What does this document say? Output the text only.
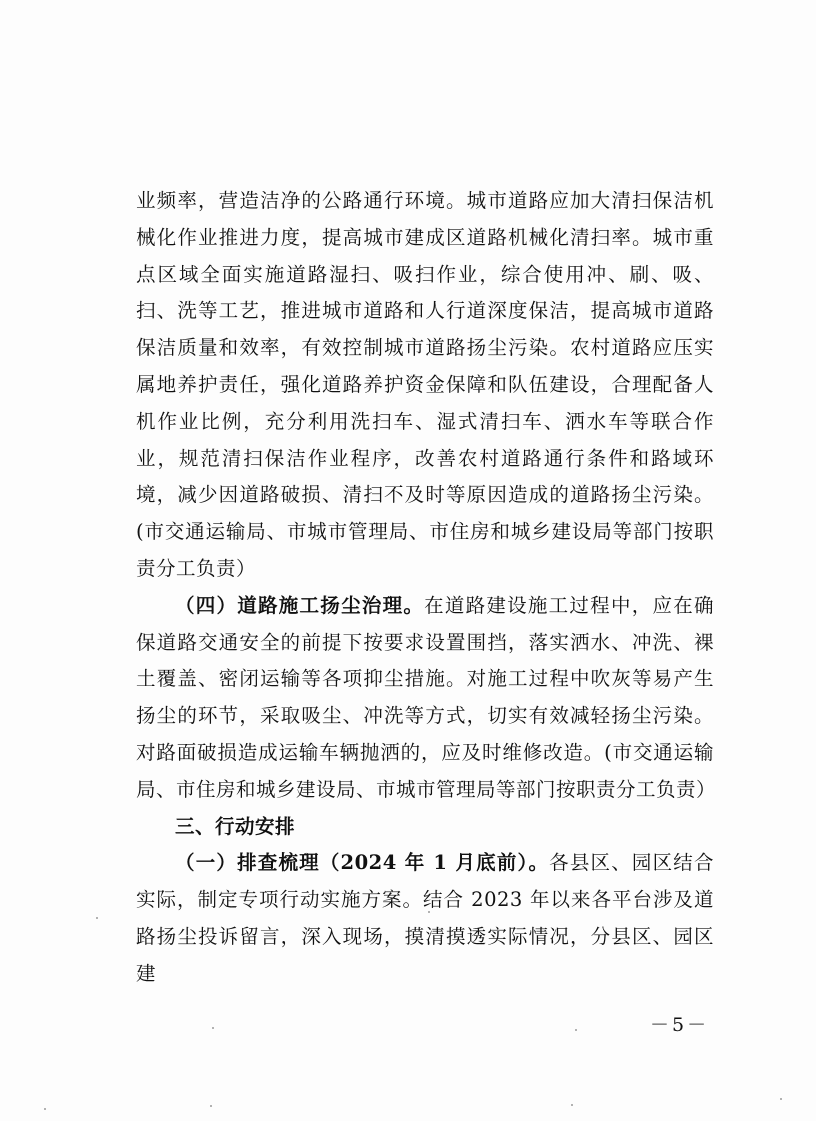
业频率，营造洁净的公路通行环境。城市道路应加大清扫保洁机械化作业推进力度，提高城市建成区道路机械化清扫率。城市重点区域全面实施道路湿扫、吸扫作业，综合使用冲、刷、吸、扫、洗等工艺，推进城市道路和人行道深度保洁，提高城市道路保洁质量和效率，有效控制城市道路扬尘污染。农村道路应压实属地养护责任，强化道路养护资金保障和队伍建设，合理配备人机作业比例，充分利用洗扫车、湿式清扫车、洒水车等联合作业，规范清扫保洁作业程序，改善农村道路通行条件和路域环境，减少因道路破损、清扫不及时等原因造成的道路扬尘污染。(市交通运输局、市城市管理局、市住房和城乡建设局等部门按职责分工负责）

（四）道路施工扬尘治理。在道路建设施工过程中，应在确保道路交通安全的前提下按要求设置围挡，落实洒水、冲洗、裸土覆盖、密闭运输等各项抑尘措施。对施工过程中吹灰等易产生扬尘的环节，采取吸尘、冲洗等方式，切实有效减轻扬尘污染。对路面破损造成运输车辆抛洒的，应及时维修改造。(市交通运输局、市住房和城乡建设局、市城市管理局等部门按职责分工负责）

三、行动安排

（一）排查梳理（2024 年 1 月底前）。各县区、园区结合实际，制定专项行动实施方案。结合 2023 年以来各平台涉及道路扬尘投诉留言，深入现场，摸清摸透实际情况，分县区、园区建

－5－
